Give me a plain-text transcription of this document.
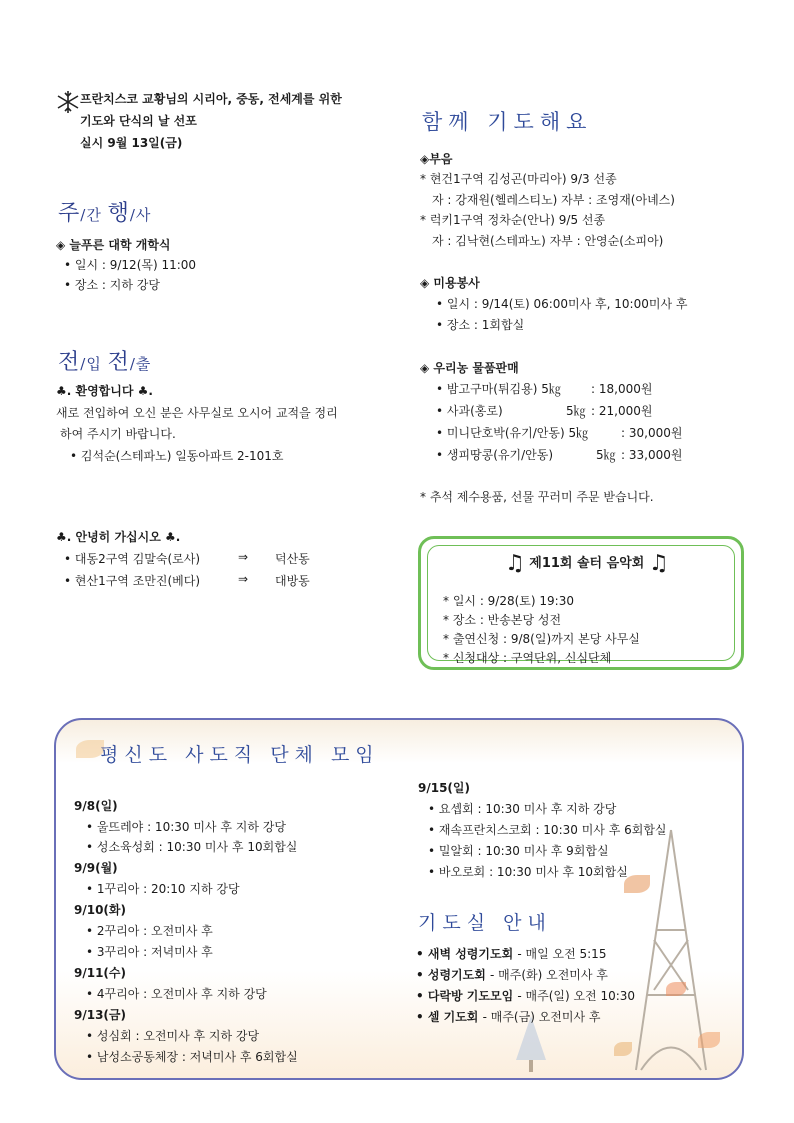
프란치스코 교황님의 시리아, 중동, 전세계를 위한
기도와 단식의 날 선포
실시 9월 13일(금)
주/간 행/사
◈ 늘푸른 대학 개학식
• 일시 : 9/12(목) 11:00
• 장소 : 지하 강당
전/입 전/출
♣. 환영합니다 ♣.
새로 전입하여 오신 분은 사무실로 오시어 교적을 정리
하여 주시기 바랍니다.
• 김석순(스테파노) 일동아파트 2-101호
♣. 안녕히 가십시오 ♣.
• 대동2구역 김말숙(로사)	⇒ 덕산동
• 현산1구역 조만진(베다)	⇒ 대방동
함께 기도해요
◈부음
* 현건1구역 김성곤(마리아) 9/3 선종
자 : 강재원(헬레스티노) 자부 : 조영재(아녜스)
* 럭키1구역 정차순(안나) 9/5 선종
자 : 김낙현(스테파노) 자부 : 안영순(소피아)
◈ 미용봉사
• 일시 : 9/14(토) 06:00미사 후, 10:00미사 후
• 장소 : 1회합실
◈ 우리농 물품판매
• 밤고구마(튀김용) 5㎏	: 18,000원
• 사과(홍로)	5㎏ : 21,000원
• 미니단호박(유기/안동) 5㎏	: 30,000원
• 생피땅콩(유기/안동)	5㎏ : 33,000원
* 추석 제수용품, 선물 꾸러미 주문 받습니다.
♫ 제11회 솔터 음악회 ♫
* 일시 : 9/28(토) 19:30
* 장소 : 반송본당 성전
* 출연신청 : 9/8(일)까지 본당 사무실
* 신청대상 : 구역단위, 신심단체
평신도 사도직 단체 모임
9/8(일)
• 울뜨레야 : 10:30 미사 후 지하 강당
• 성소육성회 : 10:30 미사 후 10회합실
9/9(월)
• 1꾸리아 : 20:10 지하 강당
9/10(화)
• 2꾸리아 : 오전미사 후
• 3꾸리아 : 저녁미사 후
9/11(수)
• 4꾸리아 : 오전미사 후 지하 강당
9/13(금)
• 성심회 : 오전미사 후 지하 강당
• 남성소공동체장 : 저녁미사 후 6회합실
9/15(일)
• 요셉회 : 10:30 미사 후 지하 강당
• 재속프란치스코회 : 10:30 미사 후 6회합실
• 밀알회 : 10:30 미사 후 9회합실
• 바오로회 : 10:30 미사 후 10회합실
기도실 안내
• 새벽 성령기도회 - 매일 오전 5:15
• 성령기도회 - 매주(화) 오전미사 후
• 다락방 기도모임 - 매주(일) 오전 10:30
• 셀 기도회 - 매주(금) 오전미사 후
